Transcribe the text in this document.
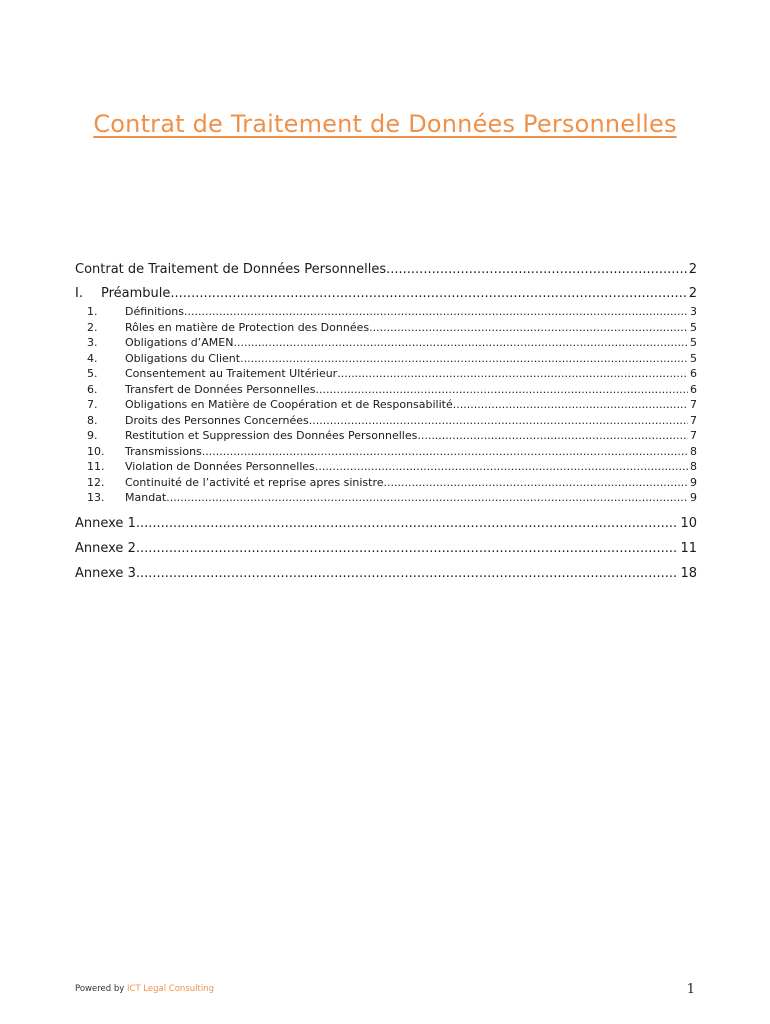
Contrat de Traitement de Données Personnelles
Contrat de Traitement de Données Personnelles .....	2
I.	Préambule .....	2
1.	Définitions .....	3
2.	Rôles en matière de Protection des Données .....	5
3.	Obligations d’AMEN .....	5
4.	Obligations du Client .....	5
5.	Consentement au Traitement Ultérieur .....	6
6.	Transfert de Données Personnelles .....	6
7.	Obligations en Matière de Coopération et de Responsabilité .....	7
8.	Droits des Personnes Concernées .....	7
9.	Restitution et Suppression des Données Personnelles .....	7
10.	Transmissions .....	8
11.	Violation de Données Personnelles .....	8
12.	Continuité de l’activité et reprise apres sinistre .....	9
13.	Mandat .....	9
Annexe 1 .....	10
Annexe 2 .....	11
Annexe 3 .....	18
Powered by ICT Legal Consulting	1
